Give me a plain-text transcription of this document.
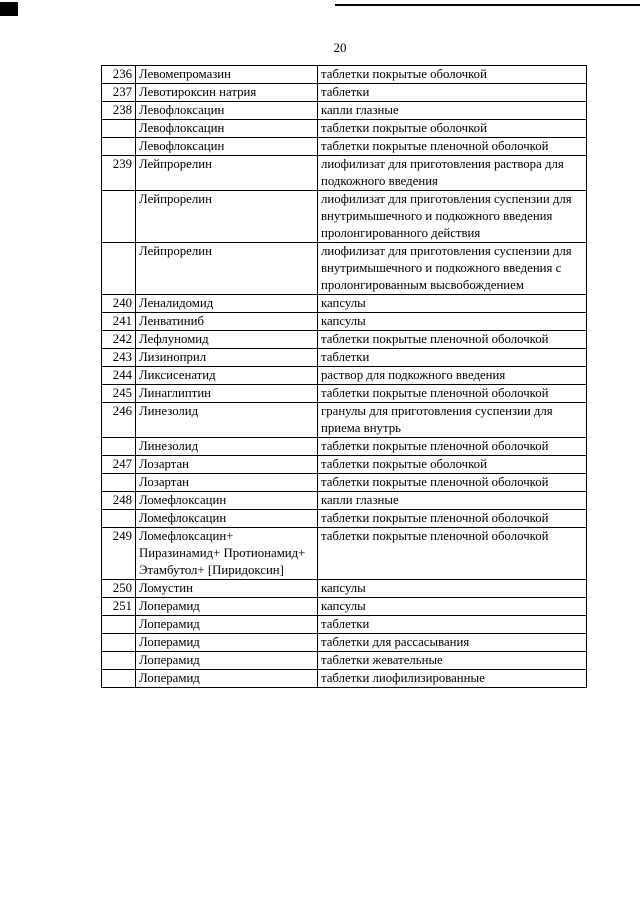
20
236	Левомепромазин	таблетки покрытые оболочкой
237	Левотироксин натрия	таблетки
238	Левофлоксацин	капли глазные
	Левофлоксацин	таблетки покрытые оболочкой
	Левофлоксацин	таблетки покрытые пленочной оболочкой
239	Лейпрорелин	лиофилизат для приготовления раствора для подкожного введения
	Лейпрорелин	лиофилизат для приготовления суспензии для внутримышечного и подкожного введения пролонгированного действия
	Лейпрорелин	лиофилизат для приготовления суспензии для внутримышечного и подкожного введения с пролонгированным высвобождением
240	Леналидомид	капсулы
241	Ленватиниб	капсулы
242	Лефлуномид	таблетки покрытые пленочной оболочкой
243	Лизиноприл	таблетки
244	Ликсисенатид	раствор для подкожного введения
245	Линаглиптин	таблетки покрытые пленочной оболочкой
246	Линезолид	гранулы для приготовления суспензии для приема внутрь
	Линезолид	таблетки покрытые пленочной оболочкой
247	Лозартан	таблетки покрытые оболочкой
	Лозартан	таблетки покрытые пленочной оболочкой
248	Ломефлоксацин	капли глазные
	Ломефлоксацин	таблетки покрытые пленочной оболочкой
249	Ломефлоксацин+ Пиразинамид+ Протионамид+ Этамбутол+ [Пиридоксин]	таблетки покрытые пленочной оболочкой
250	Ломустин	капсулы
251	Лоперамид	капсулы
	Лоперамид	таблетки
	Лоперамид	таблетки для рассасывания
	Лоперамид	таблетки жевательные
	Лоперамид	таблетки лиофилизированные
